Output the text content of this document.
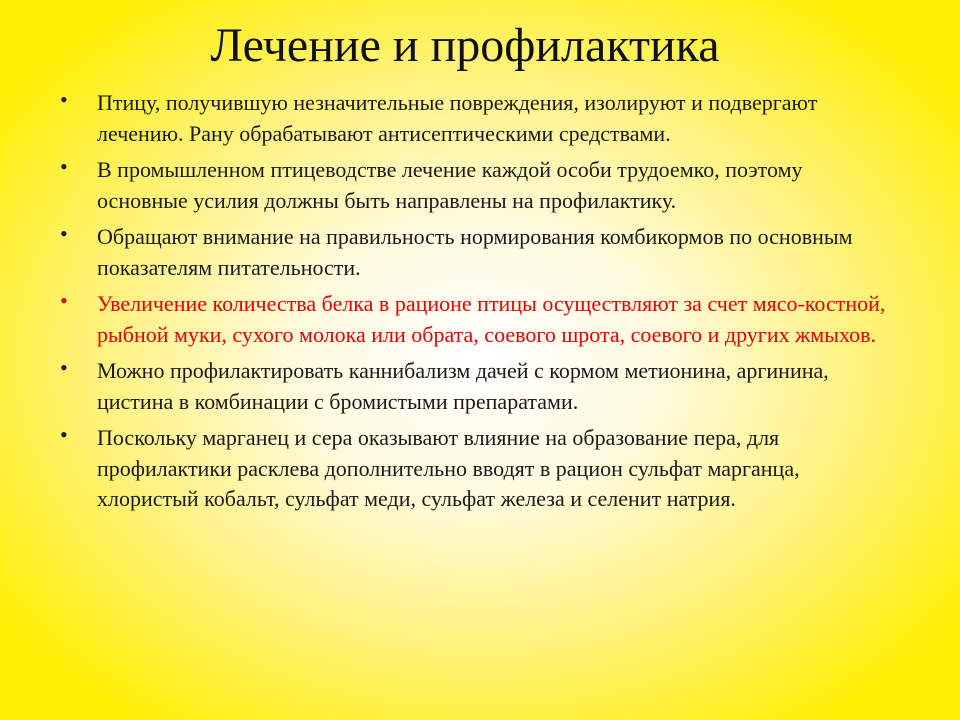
Лечение и профилактика
• Птицу, получившую незначительные повреждения, изолируют и подвергают лечению. Рану обрабатывают антисептическими средствами.
• В промышленном птицеводстве лечение каждой особи трудоемко, поэтому основные усилия должны быть направлены на профилактику.
• Обращают внимание на правильность нормирования комбикормов по основным показателям питательности.
• Увеличение количества белка в рационе птицы осуществляют за счет мясо-костной, рыбной муки, сухого молока или обрата, соевого шрота, соевого и других жмыхов.
• Можно профилактировать каннибализм дачей с кормом метионина, аргинина, цистина в комбинации с бромистыми препаратами.
• Поскольку марганец и сера оказывают влияние на образование пера, для профилактики расклева дополнительно вводят в рацион сульфат марганца, хлористый кобальт, сульфат меди, сульфат железа и селенит натрия.
